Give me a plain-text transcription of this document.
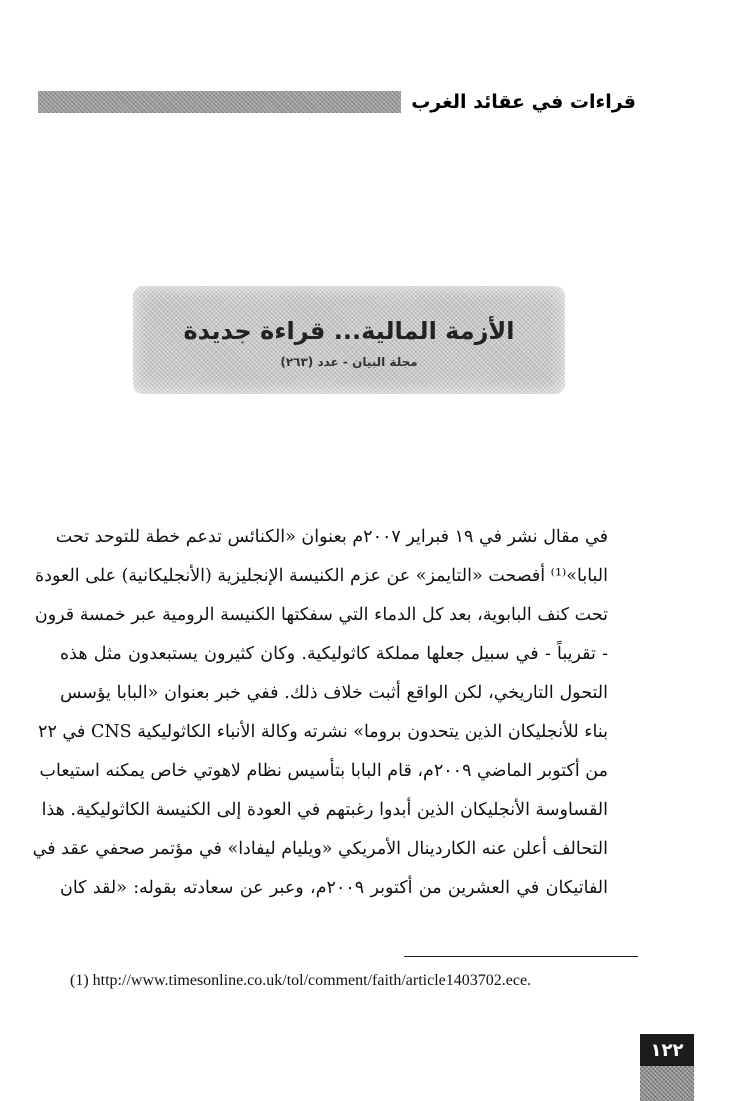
قراءات في عقائد الغرب
الأزمة المالية... قراءة جديدة
مجلة البيان - عدد (٢٦٣)
في مقال نشر في ١٩ فبراير ٢٠٠٧م بعنوان «الكنائس تدعم خطة للتوحد تحت
البابا»⁽¹⁾ أفصحت «التايمز» عن عزم الكنيسة الإنجليزية (الأنجليكانية) على العودة
تحت كنف البابوية، بعد كل الدماء التي سفكتها الكنيسة الرومية عبر خمسة قرون
- تقريباً - في سبيل جعلها مملكة كاثوليكية. وكان كثيرون يستبعدون مثل هذه
التحول التاريخي، لكن الواقع أثبت خلاف ذلك. ففي خبر بعنوان «البابا يؤسس
بناء للأنجليكان الذين يتحدون بروما» نشرته وكالة الأنباء الكاثوليكية CNS في ٢٢
من أكتوبر الماضي ٢٠٠٩م، قام البابا بتأسيس نظام لاهوتي خاص يمكنه استيعاب
القساوسة الأنجليكان الذين أبدوا رغبتهم في العودة إلى الكنيسة الكاثوليكية. هذا
التحالف أعلن عنه الكاردينال الأمريكي «ويليام ليفادا» في مؤتمر صحفي عقد في
الفاتيكان في العشرين من أكتوبر ٢٠٠٩م، وعبر عن سعادته بقوله: «لقد كان
(1) http://www.timesonline.co.uk/tol/comment/faith/article1403702.ece.
١٢٢
